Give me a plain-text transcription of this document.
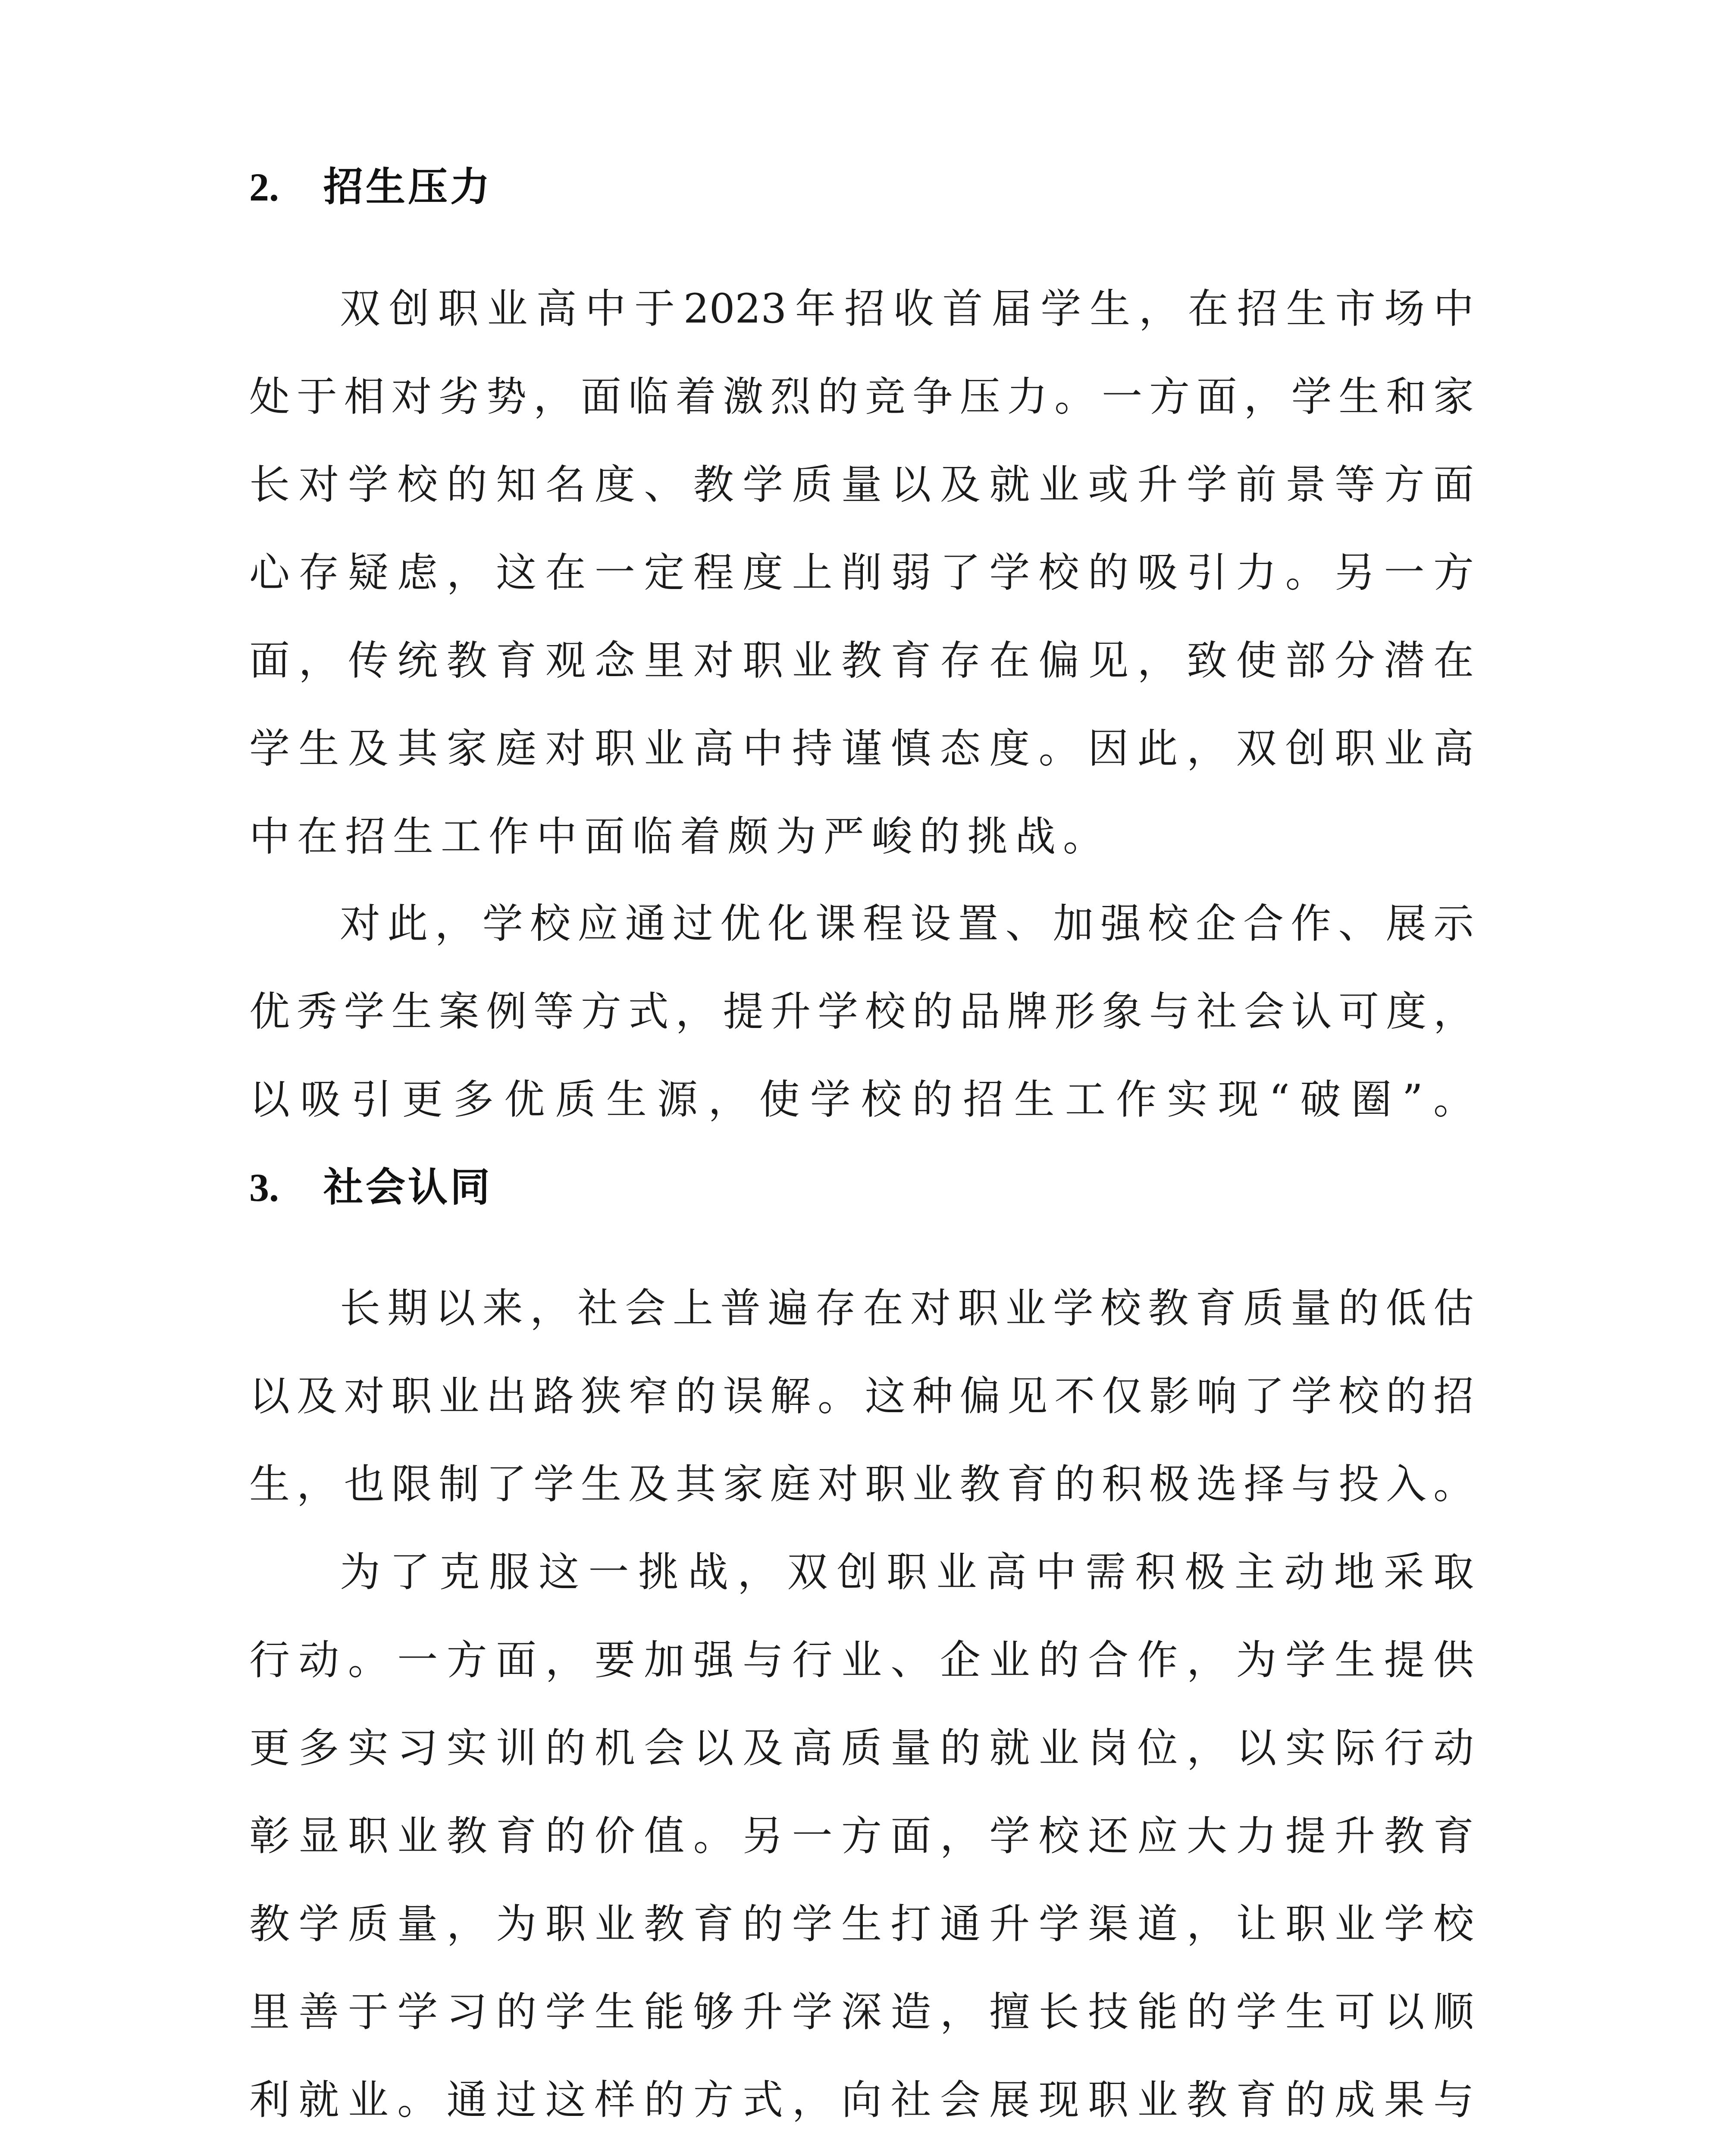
2. 招生压力
双创职业高中于2023年招收首届学生，在招生市场中
处于相对劣势，面临着激烈的竞争压力。一方面，学生和家
长对学校的知名度、教学质量以及就业或升学前景等方面
心存疑虑，这在一定程度上削弱了学校的吸引力。另一方
面，传统教育观念里对职业教育存在偏见，致使部分潜在
学生及其家庭对职业高中持谨慎态度。因此，双创职业高
中在招生工作中面临着颇为严峻的挑战。
对此，学校应通过优化课程设置、加强校企合作、展示
优秀学生案例等方式，提升学校的品牌形象与社会认可度，
以吸引更多优质生源，使学校的招生工作实现“破圈”。
3. 社会认同
长期以来，社会上普遍存在对职业学校教育质量的低估
以及对职业出路狭窄的误解。这种偏见不仅影响了学校的招
生，也限制了学生及其家庭对职业教育的积极选择与投入。
为了克服这一挑战，双创职业高中需积极主动地采取
行动。一方面，要加强与行业、企业的合作，为学生提供
更多实习实训的机会以及高质量的就业岗位，以实际行动
彰显职业教育的价值。另一方面，学校还应大力提升教育
教学质量，为职业教育的学生打通升学渠道，让职业学校
里善于学习的学生能够升学深造，擅长技能的学生可以顺
利就业。通过这样的方式，向社会展现职业教育的成果与
